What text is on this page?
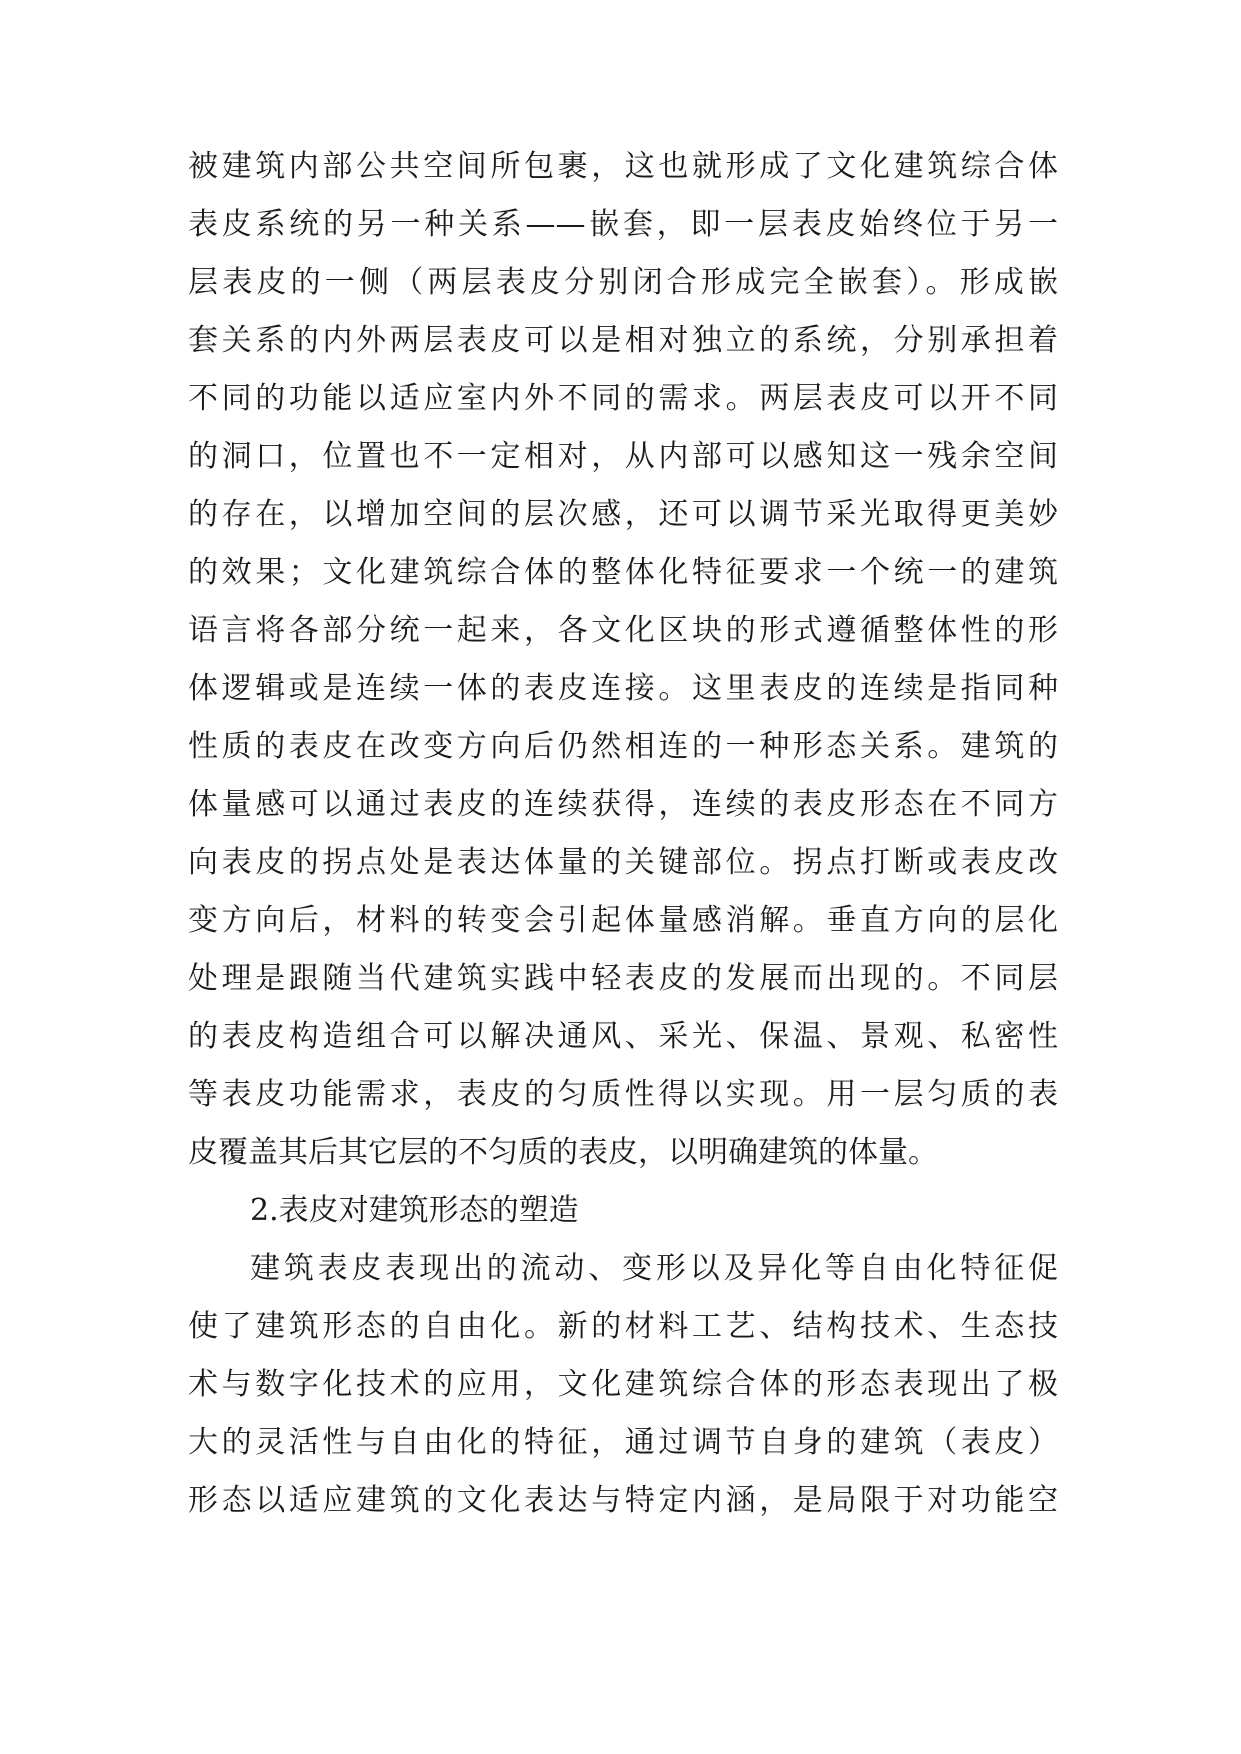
被建筑内部公共空间所包裹，这也就形成了文化建筑综合体
表皮系统的另一种关系——嵌套，即一层表皮始终位于另一
层表皮的一侧（两层表皮分别闭合形成完全嵌套）。形成嵌
套关系的内外两层表皮可以是相对独立的系统，分别承担着
不同的功能以适应室内外不同的需求。两层表皮可以开不同
的洞口，位置也不一定相对，从内部可以感知这一残余空间
的存在，以增加空间的层次感，还可以调节采光取得更美妙
的效果；文化建筑综合体的整体化特征要求一个统一的建筑
语言将各部分统一起来，各文化区块的形式遵循整体性的形
体逻辑或是连续一体的表皮连接。这里表皮的连续是指同种
性质的表皮在改变方向后仍然相连的一种形态关系。建筑的
体量感可以通过表皮的连续获得，连续的表皮形态在不同方
向表皮的拐点处是表达体量的关键部位。拐点打断或表皮改
变方向后，材料的转变会引起体量感消解。垂直方向的层化
处理是跟随当代建筑实践中轻表皮的发展而出现的。不同层
的表皮构造组合可以解决通风、采光、保温、景观、私密性
等表皮功能需求，表皮的匀质性得以实现。用一层匀质的表
皮覆盖其后其它层的不匀质的表皮，以明确建筑的体量。
2.表皮对建筑形态的塑造
建筑表皮表现出的流动、变形以及异化等自由化特征促
使了建筑形态的自由化。新的材料工艺、结构技术、生态技
术与数字化技术的应用，文化建筑综合体的形态表现出了极
大的灵活性与自由化的特征，通过调节自身的建筑（表皮）
形态以适应建筑的文化表达与特定内涵，是局限于对功能空
